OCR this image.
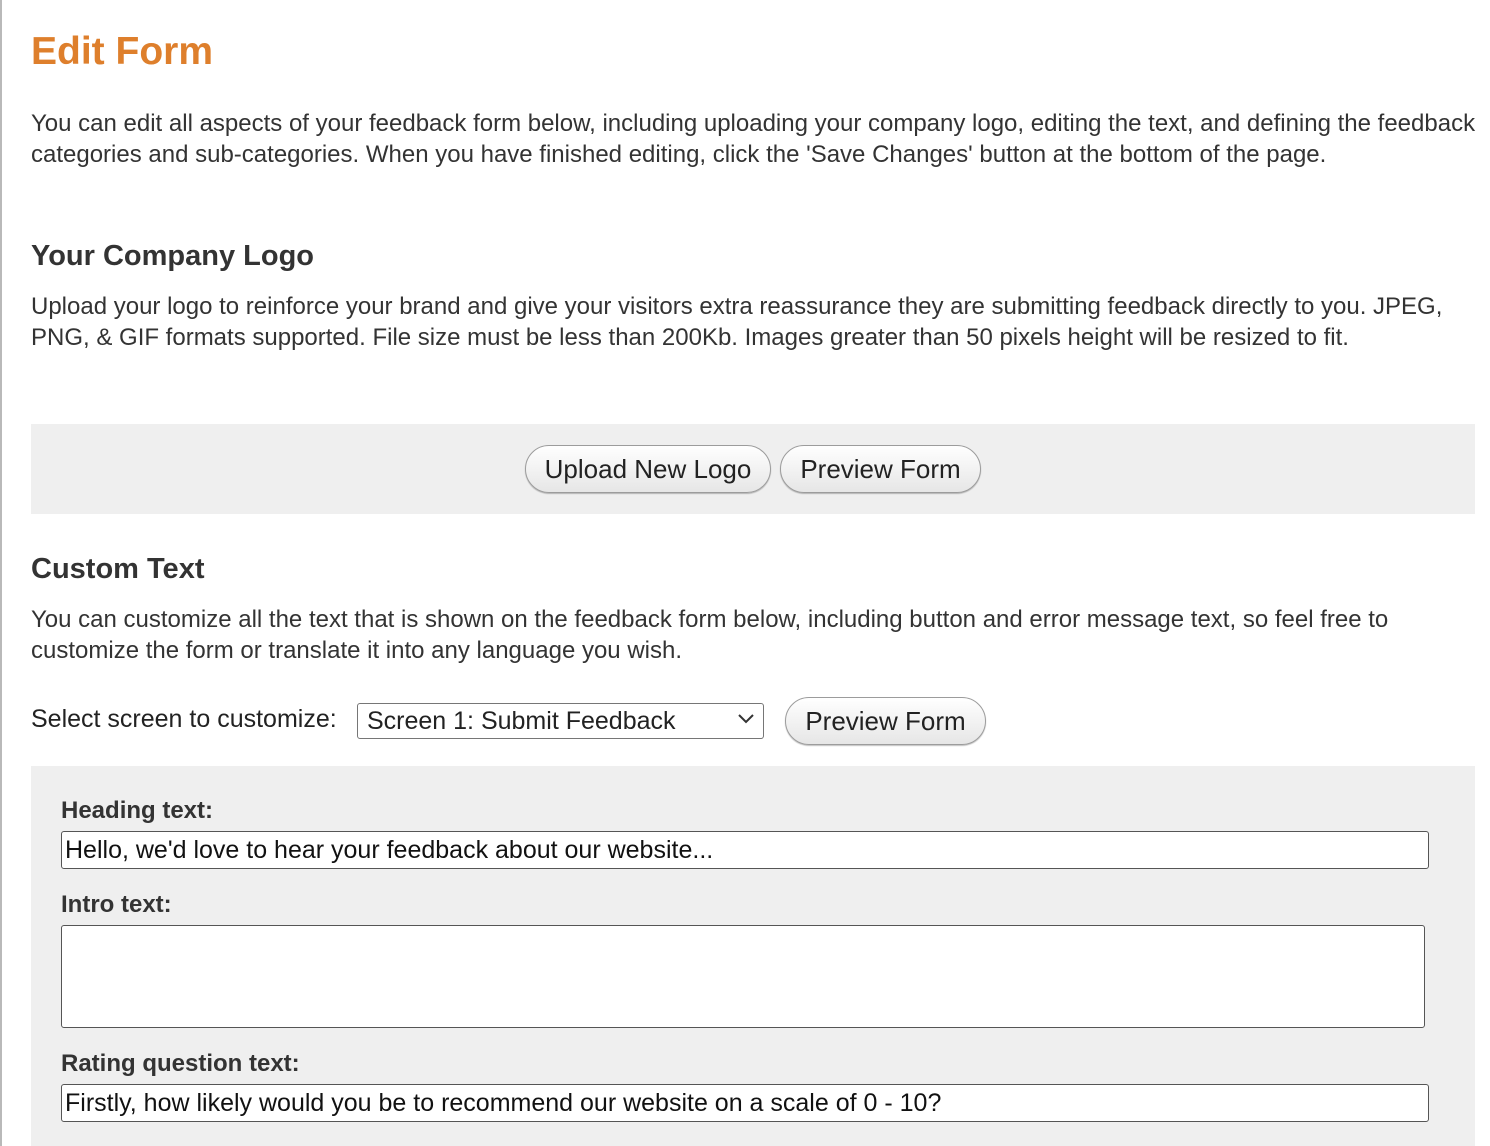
Edit Form

You can edit all aspects of your feedback form below, including uploading your company logo, editing the text, and defining the feedback categories and sub-categories. When you have finished editing, click the 'Save Changes' button at the bottom of the page.

Your Company Logo

Upload your logo to reinforce your brand and give your visitors extra reassurance they are submitting feedback directly to you. JPEG, PNG, & GIF formats supported. File size must be less than 200Kb. Images greater than 50 pixels height will be resized to fit.

Upload New Logo	Preview Form
Custom Text

You can customize all the text that is shown on the feedback form below, including button and error message text, so feel free to customize the form or translate it into any language you wish.

Select screen to customize:	Screen 1: Submit Feedback	Preview Form
Heading text:
Hello, we'd love to hear your feedback about our website...
Intro text:
Rating question text:
Firstly, how likely would you be to recommend our website on a scale of 0 - 10?
